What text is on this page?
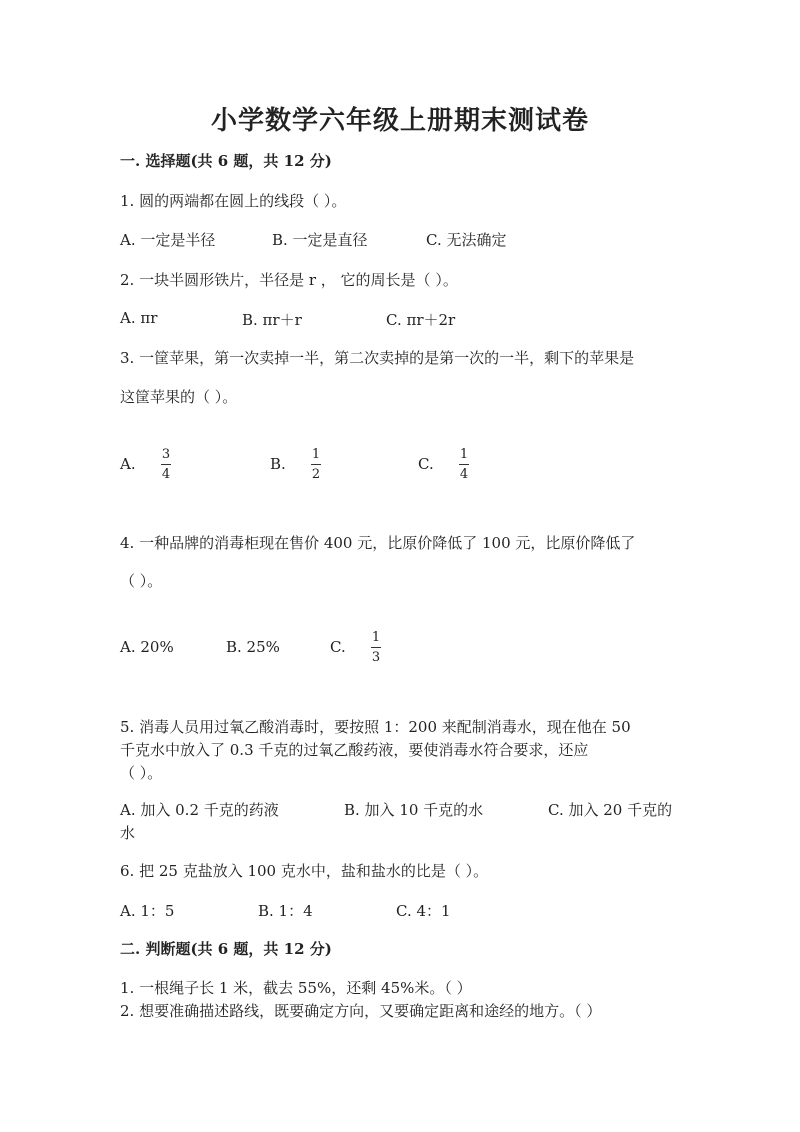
小学数学六年级上册期末测试卷
一. 选择题(共 6 题，共 12 分)
1. 圆的两端都在圆上的线段（ ）。
A. 一定是半径	B. 一定是直径	C. 无法确定
2. 一块半圆形铁片，半径是 r ， 它的周长是（ ）。
A. πr	B. πr＋r	C. πr＋2r
3. 一筐苹果，第一次卖掉一半，第二次卖掉的是第一次的一半，剩下的苹果是
这筐苹果的（ ）。
A.
3
4
B.
1
2
C.
1
4
4. 一种品牌的消毒柜现在售价 400 元，比原价降低了 100 元，比原价降低了
（ ）。
A. 20%	B. 25%	C.
1
3
5. 消毒人员用过氧乙酸消毒时，要按照 1：200 来配制消毒水，现在他在 50
千克水中放入了 0.3 千克的过氧乙酸药液，要使消毒水符合要求，还应
（ ）。
A. 加入 0.2 千克的药液	B. 加入 10 千克的水	C. 加入 20 千克的
水
6. 把 25 克盐放入 100 克水中，盐和盐水的比是（ ）。
A. 1：5	B. 1：4	C. 4：1
二. 判断题(共 6 题，共 12 分)
1. 一根绳子长 1 米，截去 55%，还剩 45%米。（ ）
2. 想要准确描述路线，既要确定方向，又要确定距离和途经的地方。（ ）
